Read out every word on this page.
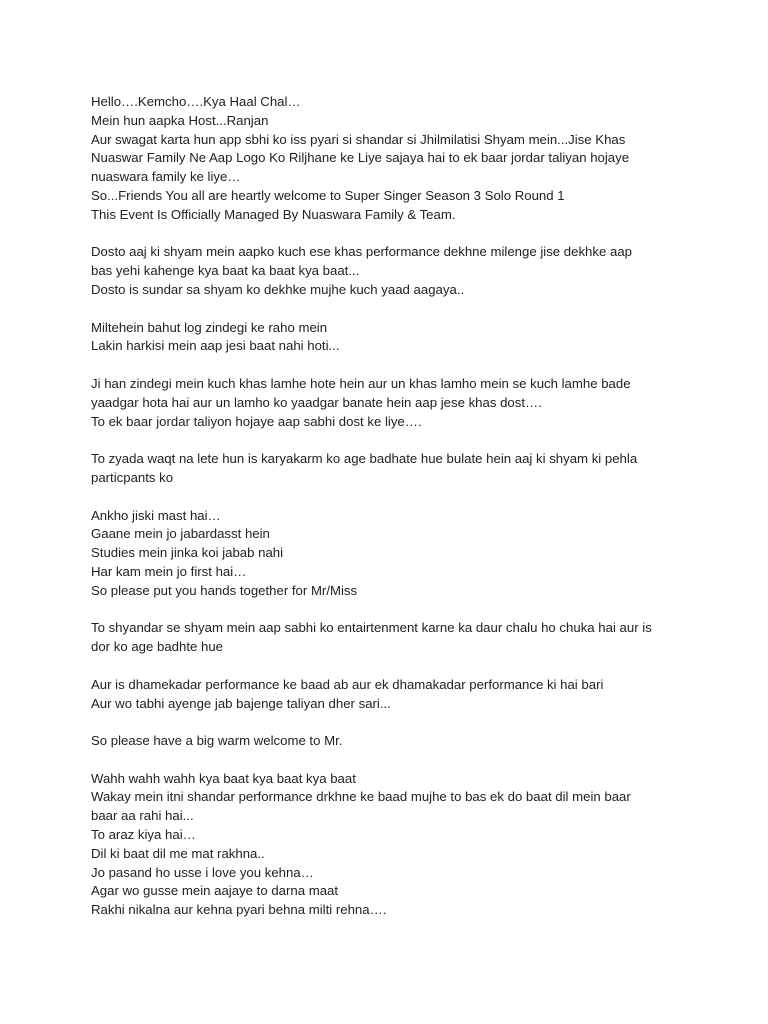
Hello….Kemcho….Kya Haal Chal…
Mein hun aapka Host...Ranjan
Aur swagat karta hun app sbhi ko iss pyari si shandar si Jhilmilatisi Shyam mein...Jise Khas
Nuaswar Family Ne Aap Logo Ko Riljhane ke Liye sajaya hai to ek baar jordar taliyan hojaye
nuaswara family ke liye…
So...Friends You all are heartly welcome to Super Singer Season 3 Solo Round 1
This Event Is Officially Managed By Nuaswara Family & Team.

Dosto aaj ki shyam mein aapko kuch ese khas performance dekhne milenge jise dekhke aap
bas yehi kahenge kya baat ka baat kya baat...
Dosto is sundar sa shyam ko dekhke mujhe kuch yaad aagaya..

Miltehein bahut log zindegi ke raho mein
Lakin harkisi mein aap jesi baat nahi hoti...

Ji han zindegi mein kuch khas lamhe hote hein aur un khas lamho mein se kuch lamhe bade
yaadgar hota hai aur un lamho ko yaadgar banate hein aap jese khas dost….
To ek baar jordar taliyon hojaye aap sabhi dost ke liye….

To zyada waqt na lete hun is karyakarm ko age badhate hue bulate hein aaj ki shyam ki pehla
particpants ko

Ankho jiski mast hai…
Gaane mein jo jabardasst hein
Studies mein jinka koi jabab nahi
Har kam mein jo first hai…
So please put you hands together for Mr/Miss

To shyandar se shyam mein aap sabhi ko entairtenment karne ka daur chalu ho chuka hai aur is
dor ko age badhte hue

Aur is dhamekadar performance ke baad ab aur ek dhamakadar performance ki hai bari
Aur wo tabhi ayenge jab bajenge taliyan dher sari...

So please have a big warm welcome to Mr.

Wahh wahh wahh kya baat kya baat kya baat
Wakay mein itni shandar performance drkhne ke baad mujhe to bas ek do baat dil mein baar
baar aa rahi hai...
To araz kiya hai…
Dil ki baat dil me mat rakhna..
Jo pasand ho usse i love you kehna…
Agar wo gusse mein aajaye to darna maat
Rakhi nikalna aur kehna pyari behna milti rehna….
